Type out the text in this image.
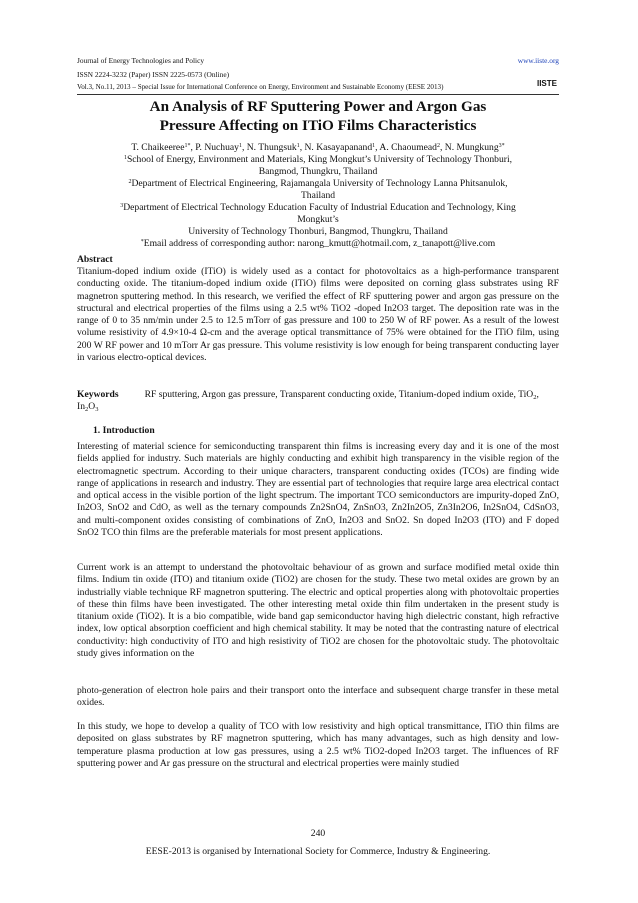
Journal of Energy Technologies and Policy	www.iiste.org
ISSN 2224-3232 (Paper) ISSN 2225-0573 (Online)
Vol.3, No.11, 2013 – Special Issue for International Conference on Energy, Environment and Sustainable Economy (EESE 2013)	IISTE
An Analysis of RF Sputtering Power and Argon Gas
Pressure Affecting on ITiO Films Characteristics
T. Chaikeeree$^{1*}$, P. Nuchuay$^1$, N. Thungsuk$^1$, N. Kasayapanand$^1$, A. Chaoumead$^2$, N. Mungkung$^{3*}$
$^1$School of Energy, Environment and Materials, King Mongkut’s University of Technology Thonburi,
Bangmod, Thungkru, Thailand
$^2$Department of Electrical Engineering, Rajamangala University of Technology Lanna Phitsanulok,
Thailand
$^3$Department of Electrical Technology Education Faculty of Industrial Education and Technology, King
Mongkut’s
University of Technology Thonburi, Bangmod, Thungkru, Thailand
*Email address of corresponding author: narong_kmutt@hotmail.com, z_tanapott@live.com
Abstract
Titanium-doped indium oxide (ITiO) is widely used as a contact for photovoltaics as a high-performance transparent conducting oxide. The titanium-doped indium oxide (ITiO) films were deposited on corning glass substrates using RF magnetron sputtering method. In this research, we verified the effect of RF sputtering power and argon gas pressure on the structural and electrical properties of the films using a 2.5 wt% TiO2 -doped In2O3 target. The deposition rate was in the range of 0 to 35 nm/min under 2.5 to 12.5 mTorr of gas pressure and 100 to 250 W of RF power. As a result of the lowest volume resistivity of 4.9×10-4 Ω-cm and the average optical transmittance of 75% were obtained for the ITiO film, using 200 W RF power and 10 mTorr Ar gas pressure. This volume resistivity is low enough for being transparent conducting layer in various electro-optical devices.
Keywords	RF sputtering, Argon gas pressure, Transparent conducting oxide, Titanium-doped indium oxide, TiO$_2$, $In_2O_3$
1. Introduction
Interesting of material science for semiconducting transparent thin films is increasing every day and it is one of the most fields applied for industry. Such materials are highly conducting and exhibit high transparency in the visible region of the electromagnetic spectrum. According to their unique characters, transparent conducting oxides (TCOs) are finding wide range of applications in research and industry. They are essential part of technologies that require large area electrical contact and optical access in the visible portion of the light spectrum. The important TCO semiconductors are impurity-doped ZnO, In2O3, SnO2 and CdO, as well as the ternary compounds Zn2SnO4, ZnSnO3, Zn2In2O5, Zn3In2O6, In2SnO4, CdSnO3, and multi-component oxides consisting of combinations of ZnO, In2O3 and SnO2. Sn doped In2O3 (ITO) and F doped SnO2 TCO thin films are the preferable materials for most present applications.
Current work is an attempt to understand the photovoltaic behaviour of as grown and surface modified metal oxide thin films. Indium tin oxide (ITO) and titanium oxide (TiO2) are chosen for the study. These two metal oxides are grown by an industrially viable technique RF magnetron sputtering. The electric and optical properties along with photovoltaic properties of these thin films have been investigated. The other interesting metal oxide thin film undertaken in the present study is titanium oxide (TiO2). It is a bio compatible, wide band gap semiconductor having high dielectric constant, high refractive index, low optical absorption coefficient and high chemical stability. It may be noted that the contrasting nature of electrical conductivity: high conductivity of ITO and high resistivity of TiO2 are chosen for the photovoltaic study. The photovoltaic study gives information on the
photo-generation of electron hole pairs and their transport onto the interface and subsequent charge transfer in these metal oxides.
In this study, we hope to develop a quality of TCO with low resistivity and high optical transmittance, ITiO thin films are deposited on glass substrates by RF magnetron sputtering, which has many advantages, such as high density and low-temperature plasma production at low gas pressures, using a 2.5 wt% TiO2-doped In2O3 target. The influences of RF sputtering power and Ar gas pressure on the structural and electrical properties were mainly studied
240
EESE-2013 is organised by International Society for Commerce, Industry & Engineering.
